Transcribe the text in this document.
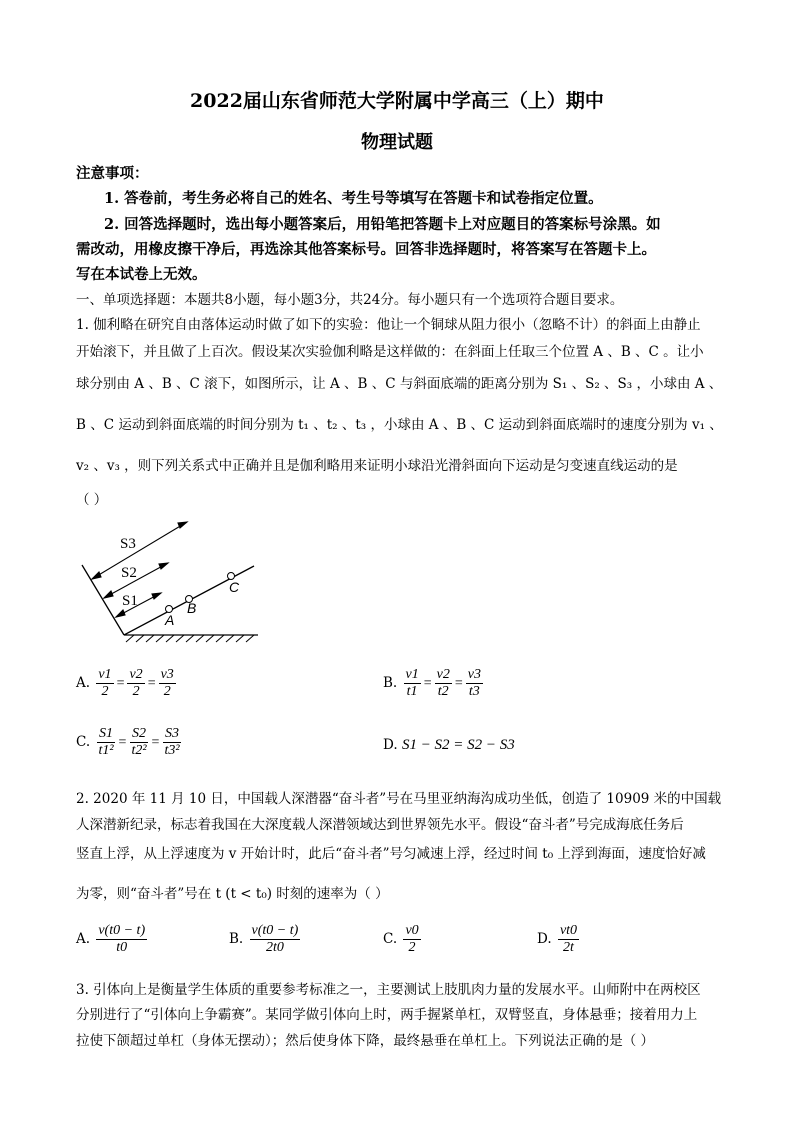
2022届山东省师范大学附属中学高三（上）期中
物理试题
注意事项：
1. 答卷前，考生务必将自己的姓名、考生号等填写在答题卡和试卷指定位置。
2. 回答选择题时，选出每小题答案后，用铅笔把答题卡上对应题目的答案标号涂黑。如
需改动，用橡皮擦干净后，再选涂其他答案标号。回答非选择题时，将答案写在答题卡上。
写在本试卷上无效。
一、单项选择题：本题共8小题，每小题3分，共24分。每小题只有一个选项符合题目要求。
1. 伽利略在研究自由落体运动时做了如下的实验：他让一个铜球从阻力很小（忽略不计）的斜面上由静止
开始滚下，并且做了上百次。假设某次实验伽利略是这样做的：在斜面上任取三个位置 A 、B 、C 。让小
球分别由 A 、B 、C 滚下，如图所示，让 A 、B 、C 与斜面底端的距离分别为 S₁ 、S₂ 、S₃ ，小球由 A 、
B 、C 运动到斜面底端的时间分别为 t₁ 、t₂ 、t₃ ，小球由 A 、B 、C 运动到斜面底端时的速度分别为 v₁ 、
v₂ 、v₃ ，则下列关系式中正确并且是伽利略用来证明小球沿光滑斜面向下运动是匀变速直线运动的是
（ ）
S1
S2
S3
A
B
C
A. $\frac{v1}{2} = \frac{v2}{2} = \frac{v3}{2}$	B. $\frac{v1}{t1} = \frac{v2}{t2} = \frac{v3}{t3}$
C. $\frac{S1}{\text{t1²}} = \frac{S2}{\text{t2²}} = \frac{S3}{\text{t3²}}$	D. S1 − S2 = S2 − S3
2. 2020 年 11 月 10 日，中国载人深潜器“奋斗者”号在马里亚纳海沟成功坐低，创造了 10909 米的中国载
人深潜新纪录，标志着我国在大深度载人深潜领域达到世界领先水平。假设“奋斗者”号完成海底任务后
竖直上浮，从上浮速度为 v 开始计时，此后“奋斗者”号匀减速上浮，经过时间 t₀ 上浮到海面，速度恰好减
为零，则“奋斗者”号在 t (t < t₀) 时刻的速率为（ ）
A. $\frac{v(t0 - t)}{t0}$	B. $\frac{v(t0 - t)}{2t0}$	C. $\frac{v0}{2}$	D. $\frac{vt0}{2t}$
3. 引体向上是衡量学生体质的重要参考标准之一，主要测试上肢肌肉力量的发展水平。山师附中在两校区
分别进行了“引体向上争霸赛”。某同学做引体向上时，两手握紧单杠，双臂竖直，身体悬垂；接着用力上
拉使下颌超过单杠（身体无摆动）；然后使身体下降，最终悬垂在单杠上。下列说法正确的是（ ）
